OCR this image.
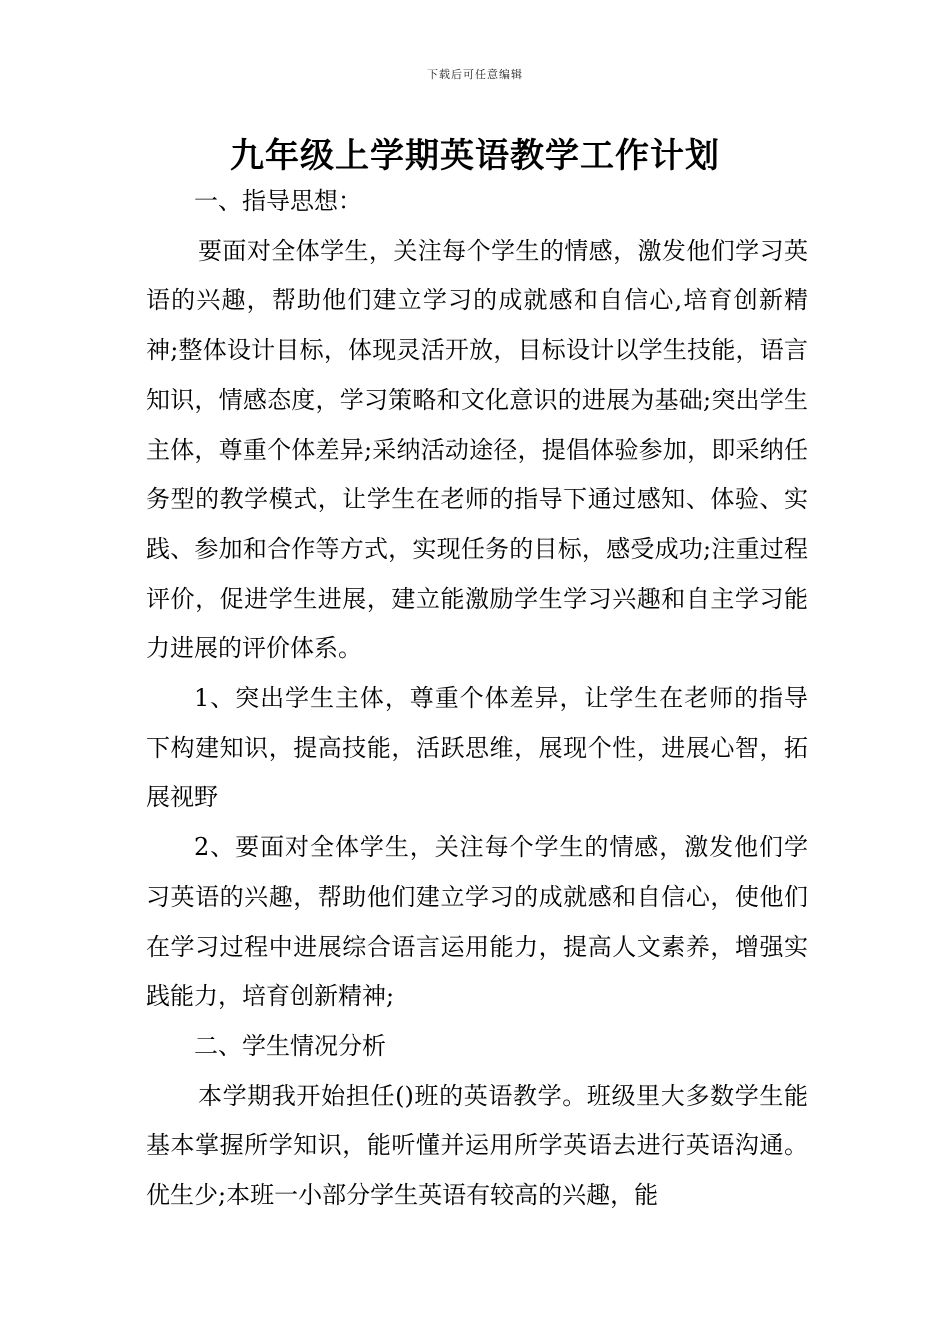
下载后可任意编辑
九年级上学期英语教学工作计划

一、指导思想：

要面对全体学生，关注每个学生的情感，激发他们学习英语的兴趣，帮助他们建立学习的成就感和自信心,培育创新精神;整体设计目标，体现灵活开放，目标设计以学生技能，语言知识，情感态度，学习策略和文化意识的进展为基础;突出学生主体，尊重个体差异;采纳活动途径，提倡体验参加，即采纳任务型的教学模式，让学生在老师的指导下通过感知、体验、实践、参加和合作等方式，实现任务的目标，感受成功;注重过程评价，促进学生进展，建立能激励学生学习兴趣和自主学习能力进展的评价体系。

1、突出学生主体，尊重个体差异，让学生在老师的指导下构建知识，提高技能，活跃思维，展现个性，进展心智，拓展视野

2、要面对全体学生，关注每个学生的情感，激发他们学习英语的兴趣，帮助他们建立学习的成就感和自信心，使他们在学习过程中进展综合语言运用能力，提高人文素养，增强实践能力，培育创新精神;

二、学生情况分析

本学期我开始担任()班的英语教学。班级里大多数学生能基本掌握所学知识，能听懂并运用所学英语去进行英语沟通。优生少;本班一小部分学生英语有较高的兴趣，能
